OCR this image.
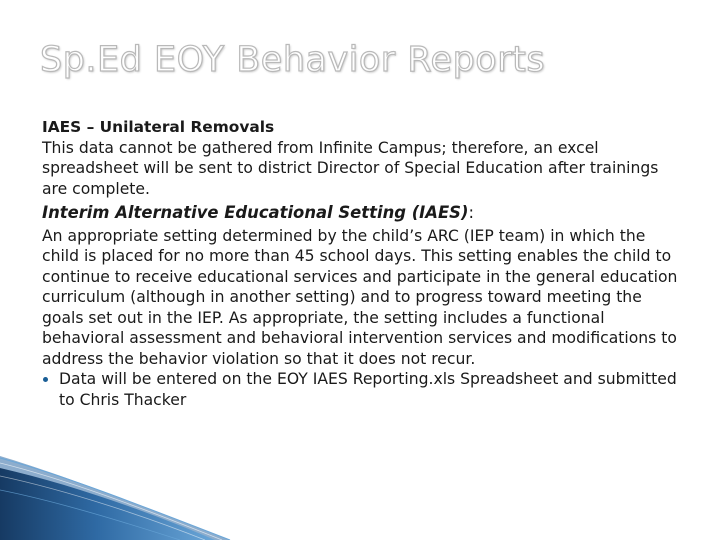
Sp.Ed EOY Behavior Reports

IAES – Unilateral Removals

This data cannot be gathered from Infinite Campus; therefore, an excel spreadsheet will be sent to district Director of Special Education after trainings are complete.

Interim Alternative Educational Setting (IAES):

An appropriate setting determined by the child’s ARC (IEP team) in which the child is placed for no more than 45 school days. This setting enables the child to continue to receive educational services and participate in the general education curriculum (although in another setting) and to progress toward meeting the goals set out in the IEP. As appropriate, the setting includes a functional behavioral assessment and behavioral intervention services and modifications to address the behavior violation so that it does not recur.

Data will be entered on the EOY IAES Reporting.xls Spreadsheet and submitted to Chris Thacker
